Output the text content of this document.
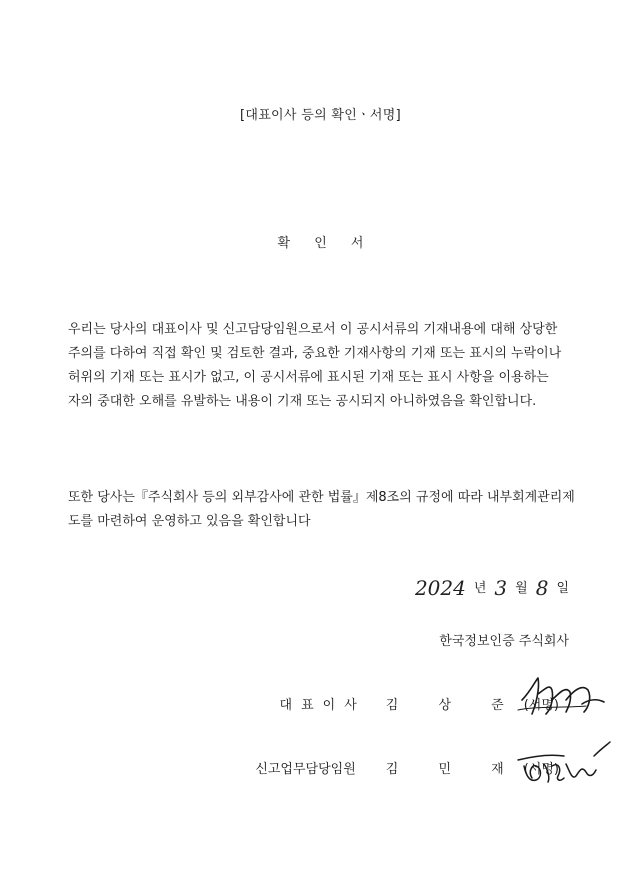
[대표이사 등의 확인ㆍ서명]
확 인 서

우리는 당사의 대표이사 및 신고담당임원으로서 이 공시서류의 기재내용에 대해 상당한
주의를 다하여 직접 확인 및 검토한 결과, 중요한 기재사항의 기재 또는 표시의 누락이나
허위의 기재 또는 표시가 없고, 이 공시서류에 표시된 기재 또는 표시 사항을 이용하는
자의 중대한 오해를 유발하는 내용이 기재 또는 공시되지 아니하였음을 확인합니다.

또한 당사는『주식회사 등의 외부감사에 관한 법률』제8조의 규정에 따라 내부회계관리제
도를 마련하여 운영하고 있음을 확인합니다

2024 년 3 월 8 일
한국정보인증 주식회사
대표이사 김 상 준 (서명)
신고업무담당임원 김 민 재 (서명)
